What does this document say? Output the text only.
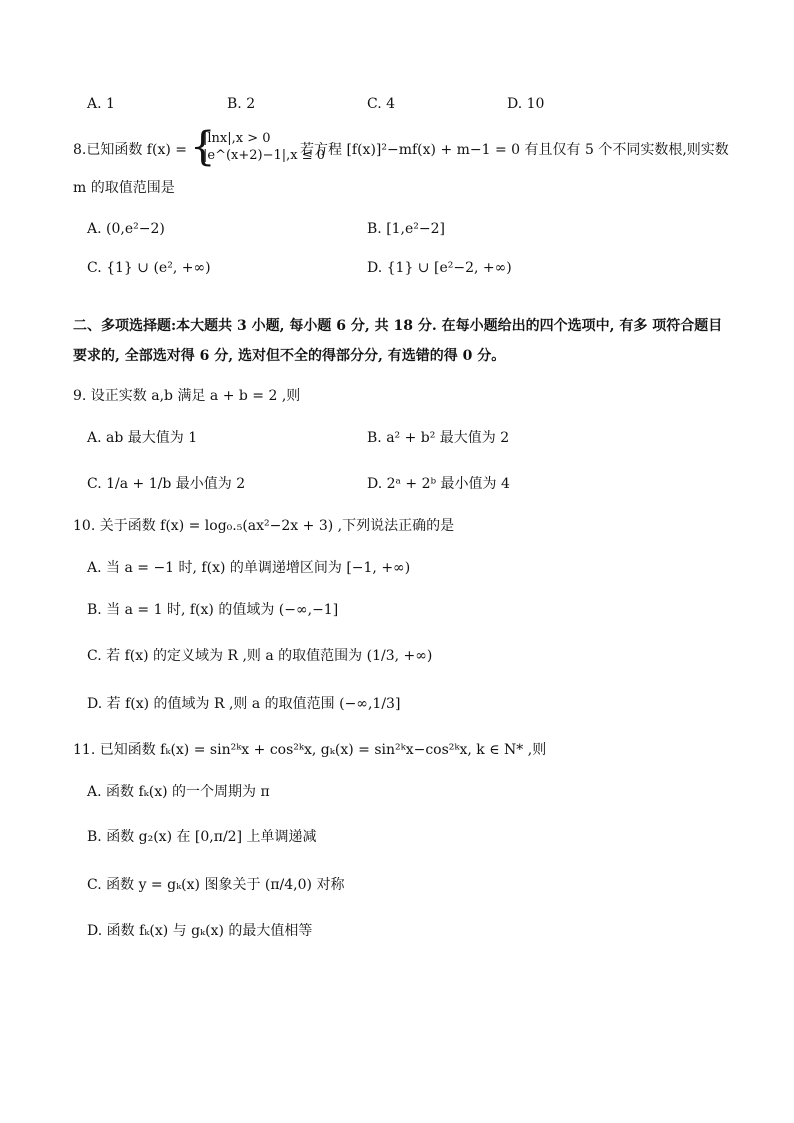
A. 1	B. 2	C. 4	D. 10
8.已知函数 f(x) = {
|lnx|,x > 0
|e^(x+2)−1|,x ≤ 0
若方程 [f(x)]²−mf(x) + m−1 = 0 有且仅有 5 个不同实数根,则实数
m 的取值范围是
A. (0,e²−2)	B. [1,e²−2]
C. {1} ∪ (e², +∞)	D. {1} ∪ [e²−2, +∞)
二、多项选择题:本大题共 3 小题, 每小题 6 分, 共 18 分. 在每小题给出的四个选项中, 有多 项符合题目要求的, 全部选对得 6 分, 选对但不全的得部分分, 有选错的得 0 分。
9. 设正实数 a,b 满足 a + b = 2 ,则
A. ab 最大值为 1	B. a² + b² 最大值为 2
C. 1/a + 1/b 最小值为 2	D. 2ᵃ + 2ᵇ 最小值为 4
10. 关于函数 f(x) = log₀.₅(ax²−2x + 3) ,下列说法正确的是
A. 当 a = −1 时, f(x) 的单调递增区间为 [−1, +∞)
B. 当 a = 1 时, f(x) 的值域为 (−∞,−1]
C. 若 f(x) 的定义域为 R ,则 a 的取值范围为 (1/3, +∞)
D. 若 f(x) 的值域为 R ,则 a 的取值范围 (−∞,1/3]
11. 已知函数 fₖ(x) = sin²ᵏx + cos²ᵏx, gₖ(x) = sin²ᵏx−cos²ᵏx, k ∈ N* ,则
A. 函数 fₖ(x) 的一个周期为 π
B. 函数 g₂(x) 在 [0,π/2] 上单调递减
C. 函数 y = gₖ(x) 图象关于 (π/4,0) 对称
D. 函数 fₖ(x) 与 gₖ(x) 的最大值相等
